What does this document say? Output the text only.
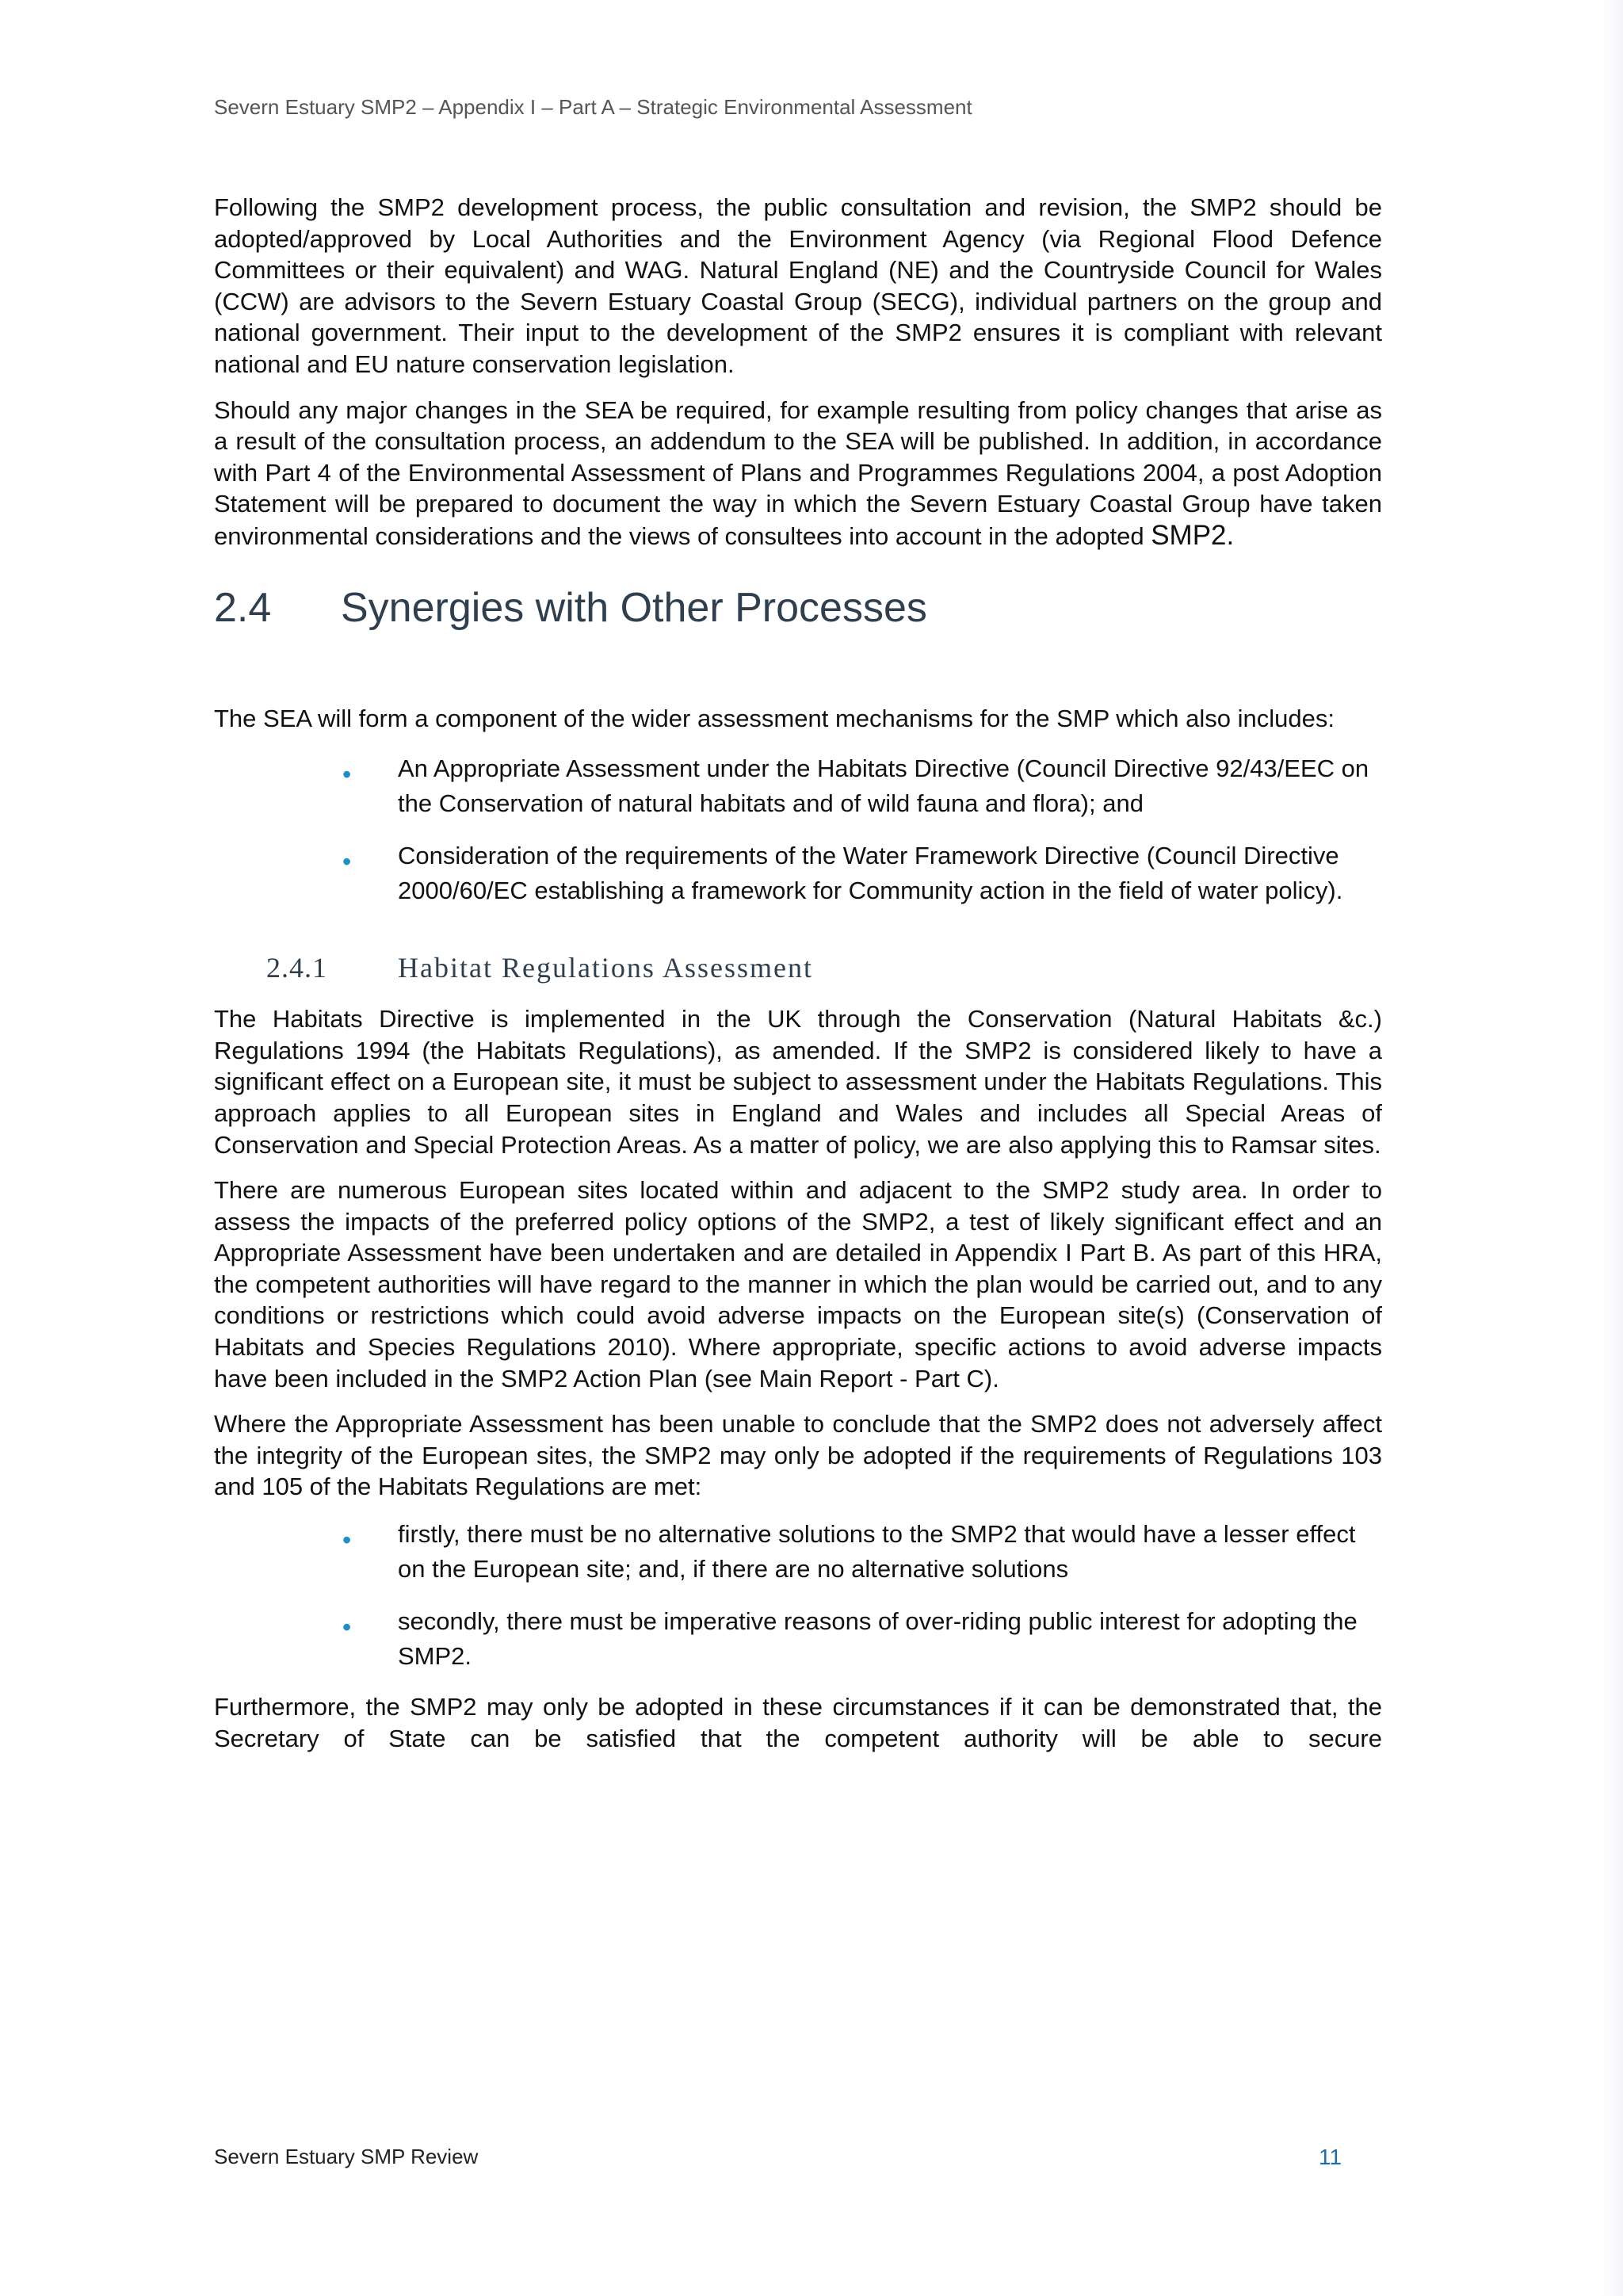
Severn Estuary SMP2 – Appendix I – Part A – Strategic Environmental Assessment

Following the SMP2 development process, the public consultation and revision, the SMP2 should be adopted/approved by Local Authorities and the Environment Agency (via Regional Flood Defence Committees or their equivalent) and WAG. Natural England (NE) and the Countryside Council for Wales (CCW) are advisors to the Severn Estuary Coastal Group (SECG), individual partners on the group and national government. Their input to the development of the SMP2 ensures it is compliant with relevant national and EU nature conservation legislation.

Should any major changes in the SEA be required, for example resulting from policy changes that arise as a result of the consultation process, an addendum to the SEA will be published. In addition, in accordance with Part 4 of the Environmental Assessment of Plans and Programmes Regulations 2004, a post Adoption Statement will be prepared to document the way in which the Severn Estuary Coastal Group have taken environmental considerations and the views of consultees into account in the adopted SMP2.

2.4	Synergies with Other Processes

The SEA will form a component of the wider assessment mechanisms for the SMP which also includes:

• An Appropriate Assessment under the Habitats Directive (Council Directive 92/43/EEC on the Conservation of natural habitats and of wild fauna and flora); and
• Consideration of the requirements of the Water Framework Directive (Council Directive 2000/60/EC establishing a framework for Community action in the field of water policy).
2.4.1	Habitat Regulations Assessment

The Habitats Directive is implemented in the UK through the Conservation (Natural Habitats &c.) Regulations 1994 (the Habitats Regulations), as amended. If the SMP2 is considered likely to have a significant effect on a European site, it must be subject to assessment under the Habitats Regulations. This approach applies to all European sites in England and Wales and includes all Special Areas of Conservation and Special Protection Areas. As a matter of policy, we are also applying this to Ramsar sites.

There are numerous European sites located within and adjacent to the SMP2 study area. In order to assess the impacts of the preferred policy options of the SMP2, a test of likely significant effect and an Appropriate Assessment have been undertaken and are detailed in Appendix I Part B. As part of this HRA, the competent authorities will have regard to the manner in which the plan would be carried out, and to any conditions or restrictions which could avoid adverse impacts on the European site(s) (Conservation of Habitats and Species Regulations 2010). Where appropriate, specific actions to avoid adverse impacts have been included in the SMP2 Action Plan (see Main Report - Part C).

Where the Appropriate Assessment has been unable to conclude that the SMP2 does not adversely affect the integrity of the European sites, the SMP2 may only be adopted if the requirements of Regulations 103 and 105 of the Habitats Regulations are met:

• firstly, there must be no alternative solutions to the SMP2 that would have a lesser effect on the European site; and, if there are no alternative solutions
• secondly, there must be imperative reasons of over-riding public interest for adopting the SMP2.

Furthermore, the SMP2 may only be adopted in these circumstances if it can be demonstrated that, the Secretary of State can be satisfied that the competent authority will be able to secure

Severn Estuary SMP Review	11
